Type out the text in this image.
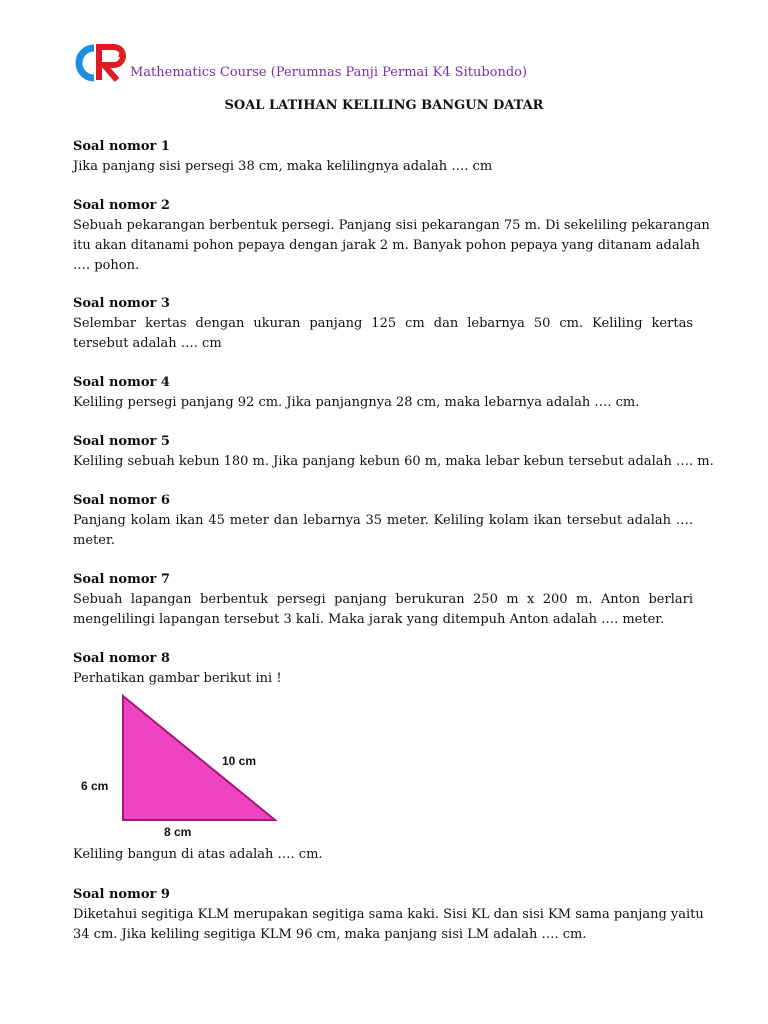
7
Mathematics Course (Perumnas Panji Permai K4 Situbondo)
SOAL LATIHAN KELILING BANGUN DATAR
Soal nomor 1
Jika panjang sisi persegi 38 cm, maka kelilingnya adalah …. cm
Soal nomor 2
Sebuah pekarangan berbentuk persegi. Panjang sisi pekarangan 75 m. Di sekeliling pekarangan
itu akan ditanami pohon pepaya dengan jarak 2 m. Banyak pohon pepaya yang ditanam adalah
…. pohon.
Soal nomor 3
Selembar kertas dengan ukuran panjang 125 cm dan lebarnya 50 cm. Keliling kertas
tersebut adalah …. cm
Soal nomor 4
Keliling persegi panjang 92 cm. Jika panjangnya 28 cm, maka lebarnya adalah …. cm.
Soal nomor 5
Keliling sebuah kebun 180 m. Jika panjang kebun 60 m, maka lebar kebun tersebut adalah …. m.
Soal nomor 6
Panjang kolam ikan 45 meter dan lebarnya 35 meter. Keliling kolam ikan tersebut adalah ….
meter.
Soal nomor 7
Sebuah lapangan berbentuk persegi panjang berukuran 250 m x 200 m. Anton berlari
mengelilingi lapangan tersebut 3 kali. Maka jarak yang ditempuh Anton adalah …. meter.
Soal nomor 8
Perhatikan gambar berikut ini !
10 cm
6 cm
8 cm
Keliling bangun di atas adalah …. cm.
Soal nomor 9
Diketahui segitiga KLM merupakan segitiga sama kaki. Sisi KL dan sisi KM sama panjang yaitu
34 cm. Jika keliling segitiga KLM 96 cm, maka panjang sisi LM adalah …. cm.
